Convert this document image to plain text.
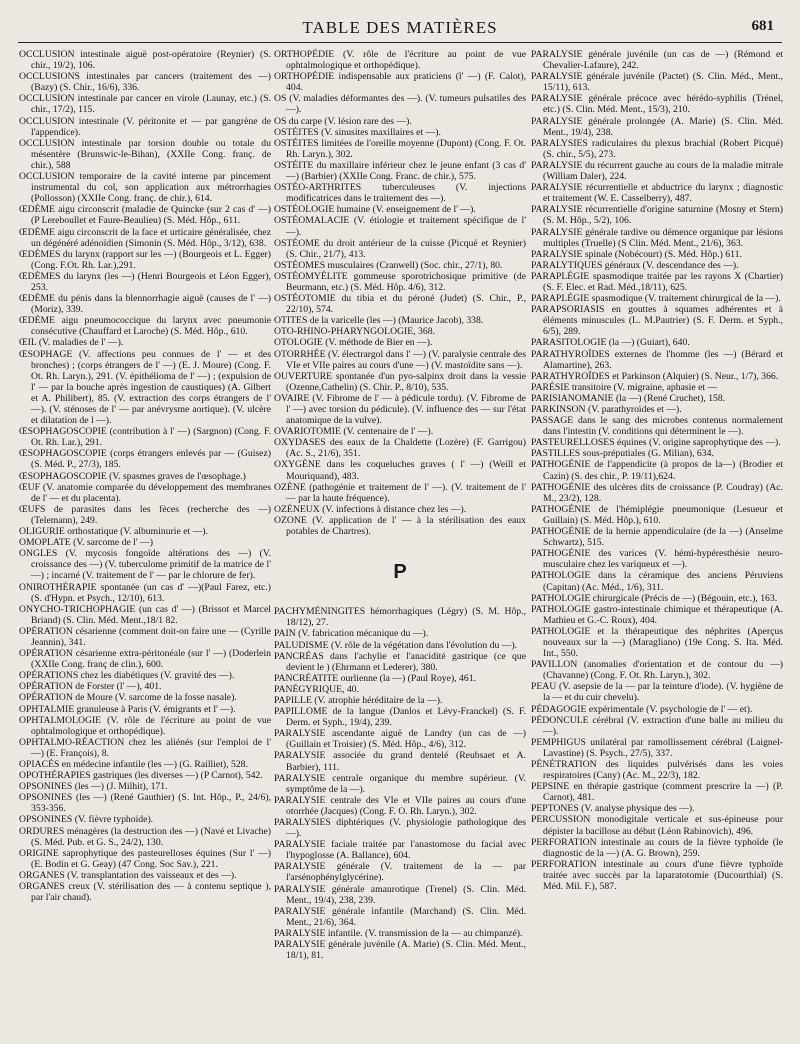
TABLE DES MATIÈRES	681

OCCLUSION intestinale aiguë post-opératoire (Reynier) (S. chir., 19/2), 106.

OCCLUSIONS intestinales par cancers (traitement des —) (Bazy) (S. Chir., 16/6), 336.

OCCLUSION intestinale par cancer en virole (Launay, etc.) (S. chir., 17/2), 115.

OCCLUSION intestinale (V. péritonite et — par gangrène de l'appendice).

OCCLUSION intestinale par torsion double ou totale du mésentère (Brunswic-le-Bihan), (XXIIe Cong. franç. de chir.), 588

OCCLUSION temporaire de la cavité interne par pincement instrumental du col, son application aux métrorrhagies (Pollosson) (XXIIe Cong. franç. de chir.), 614.

ŒDÈME aigu circonscrit (maladie de Quincke (sur 2 cas d' —) (P Lereboullet et Faure-Beaulieu) (S. Méd. Hôp., 611.

ŒDÈME aigu circonscrit de la face et urticaire généralisée, chez un dégénéré adénoïdien (Simonin (S. Méd. Hôp., 3/12), 638.

ŒDÈMES du larynx (rapport sur les —) (Bourgeois et L. Egger)(Cong. F.Ot. Rh. Lar.),291.

ŒDÈMES du larynx (les —) (Henri Bourgeois et Léon Egger), 253.

ŒDÈME du pénis dans la blennorrhagie aiguë (causes de l' —) (Moriz), 339.

ŒDÈME aigu pneumococcique du larynx avec pneumonie consécutive (Chauffard et Laroche) (S. Méd. Hôp., 610.

ŒIL (V. maladies de l' —).

ŒSOPHAGE (V. affections peu connues de l' — et des bronches) ; (corps étrangers de l' —) (E. J. Moure) (Cong. F. Ot. Rh. Laryn.), 291. (V. épithélioma de l' —) ; (expulsion de l' — par la bouche après ingestion de caustiques) (A. Gilbert et A. Philibert), 85. (V. extraction des corps étrangers de l' —). (V. sténoses de l' — par anévrysme aortique). (V. ulcère et dilatation de l —).

ŒSOPHAGOSCOPIE (contribution à l' —) (Sargnon) (Cong. F. Ot. Rh. Lar.), 291.

ŒSOPHAGOSCOPIE (corps étrangers enlevés par — (Guisez) (S. Méd. P., 27/3), 185.

ŒSOPHAGOSCOPIE (V. spasmes graves de l'œsophage.)

ŒUF (V. anatomie comparée du développement des membranes de l' — et du placenta).

ŒUFS de parasites dans les fèces (recherche des —) (Telemann), 249.

OLIGURIE orthostatique (V. albuminurie et —).

OMOPLATE (V. sarcome de l' —)

ONGLES (V. mycosis fongoïde altérations des —) (V. croissance des —) (V. tuberculome primitif de la matrice de l' —) ; incarné (V. traitement de l' — par le chlorure de fer).

ONIROTHÉRAPIE spontanée (un cas d' —)(Paul Farez, etc.) (S. d'Hypn. et Psych., 12/10), 613.

ONYCHO-TRICHOPHAGIE (un cas d' —) (Brissot et Marcel Briand) (S. Clin. Méd. Ment.,18/1 82.

OPÉRATION césarienne (comment doit-on faire une — (Cyrille Jeannin), 341.

OPÉRATION césarienne extra-péritonéale (sur l' —) (Doderlein (XXIIe Cong. franç de clin.), 600.

OPÉRATIONS chez les diabétiques (V. gravité des —).

OPÉRATION de Forster (l' —), 401.

OPÉRATION de Moure (V. sarcome de la fosse nasale).

OPHTALMIE granuleuse à Paris (V. émigrants et l' —).

OPHTALMOLOGIE (V. rôle de l'écriture au point de vue ophtalmologique et orthopédique).

OPHTALMO-RÉACTION chez les aliénés (sur l'emploi de l' —) (E. François), 8.

OPIACÉS en médecine infantile (les —) (G. Railliet), 528.

OPOTHÉRAPIES gastriques (les diverses —) (P Carnot), 542.

OPSONINES (les —) (J. Milhit), 171.

OPSONINES (les —) (René Gauthier) (S. Int. Hôp., P., 24/6), 353-356.

OPSONINES (V. fièvre typhoïde).

ORDURES ménagères (la destruction des —) (Navé et Livache) (S. Méd. Pub. et G. S., 24/2), 130.

ORIGINE saprophytique des pasteurelloses équines (Sur l' —) (E. Bodin et G. Geay) (47 Cong. Soc Sav.), 221.

ORGANES (V. transplantation des vaisseaux et des —).

ORGANES creux (V. stérilisation des — à contenu septique ), par l'air chaud).

ORTHOPÉDIE (V. rôle de l'écriture au point de vue ophtalmologique et orthopédique).

ORTHOPÉDIE indispensable aux praticiens (l' —) (F. Calot), 404.

OS (V. maladies déformantes des —). (V. tumeurs pulsatiles des —).

OS du carpe (V. lésion rare des —).

OSTÉITES (V. sinusites maxillaires et —).

OSTÉITES limitées de l'oreille moyenne (Dupont) (Cong. F. Ot. Rh. Laryn.), 302.

OSTÉITE du maxillaire inférieur chez le jeune enfant (3 cas d' —) (Barbier) (XXIIe Cong. Franc. de chir.), 575.

OSTÉO-ARTHRITES tuberculeuses (V. injections modificatrices dans le traitement des —).

OSTÉOLOGIE humaine (V. enseignement de l' —).

OSTÉOMALACIE (V. étiologie et traitement spécifique de l' —).

OSTÉOME du droit antérieur de la cuisse (Picqué et Reynier) (S. Chir., 21/7), 413.

OSTÉOMES musculaires (Cranwell) (Soc. chir., 27/1), 80.

OSTÉOMYÉLITE gommeuse sporotrichosique primitive (de Beurmann, etc.) (S. Méd. Hôp. 4/6), 312.

OSTÉOTOMIE du tibia et du péroné (Judet) (S. Chir., P., 22/10), 574.

OTITES de la varicelle (les —) (Maurice Jacob), 338.

OTO-RHINO-PHARYNGOLOGIE, 368.

OTOLOGIE (V. méthode de Bier en —).

OTORRHÉE (V. électrargol dans l' —) (V. paralysie centrale des VIe et VIIe paires au cours d'une —) (V. mastoïdite sans —).

OUVERTURE spontanée d'un pyo-salpinx droit dans la vessie (Ozenne,Cathelin) (S. Chir. P., 8/10), 535.

OVAIRE (V. Fibrome de l' — à pédicule tordu). (V. Fibrome de l' —) avec torsion du pédicule). (V. influence des — sur l'état anatomique de la vulve).

OVARIOTOMIE (V. centenaire de l' —).

OXYDASES des eaux de la Chaldette (Lozère) (F. Garrigou) (Ac. S., 21/6), 351.

OXYGÈNE dans les coqueluches graves ( l' —) (Weill et Mouriquand), 483.

OZÈNE (pathogénie et traitement de l' —). (V. traitement de l' — par la haute fréquence).

OZÉNEUX (V. infections à distance chez les —).

OZONE (V. application de l' — à la stérilisation des eaux potables de Chartres).

P

PACHYMÉNINGITES hémorrhagiques (Légry) (S. M. Hôp., 18/12), 27.

PAIN (V. fabrication mécanique du —).

PALUDISME (V. rôle de la végétation dans l'évolution du —).

PANCRÉAS dans l'achylie et l'anacidité gastrique (ce que devient le ) (Ehrmann et Lederer), 380.

PANCRÉATITE ourlienne (la —) (Paul Roye), 461.

PANÉGYRIQUE, 40.

PAPILLE (V. atrophie héréditaire de la —).

PAPILLOME de la langue (Danlos et Lévy-Franckel) (S. F. Derm. et Syph., 19/4), 239.

PARALYSIE ascendante aiguë de Landry (un cas de —) (Guillain et Troisier) (S. Méd. Hôp., 4/6), 312.

PARALYSIE associée du grand dentelé (Reubsaet et A. Barbier), 111.

PARALYSIE centrale organique du membre supérieur. (V. symptôme de la —).

PARALYSIE centrale des VIe et VIIe paires au cours d'une otorrhée (Jacques) (Cong. F. O. Rh. Laryn.), 302.

PARALYSIES diphtériques (V. physiologie pathologique des —).

PARALYSIE faciale traitée par l'anastomose du facial avec l'hypoglosse (A. Ballance), 604.

PARALYSIE générale (V. traitement de la — par l'arsénophénylglycérine).

PARALYSIE générale amaurotique (Trenel) (S. Clin. Méd. Ment., 19/4), 238, 239.

PARALYSIE générale infantile (Marchand) (S. Clin. Méd. Ment., 21/6), 364.

PARALYSIE infantile. (V. transmission de la — au chimpanzé).

PARALYSIE générale juvénile (A. Marie) (S. Clin. Méd. Ment., 18/1), 81.

PARALYSIE générale juvénile (un cas de —) (Rémond et Chevalier-Lafaure), 242.

PARALYSIE générale juvénile (Pactet) (S. Clin. Méd., Ment., 15/11), 613.

PARALYSIE générale précoce avec hérédo-syphilis (Trénel, etc.) (S. Clin. Méd. Ment., 15/3), 210.

PARALYSIE générale prolongée (A. Marie) (S. Clin. Méd. Ment., 19/4), 238.

PARALYSIES radiculaires du plexus brachial (Robert Picqué) (S. chir., 5/5), 273.

PARALYSIE du récurrent gauche au cours de la maladie mitrale (William Daler), 224.

PARALYSIE récurrentielle et abductrice du larynx ; diagnostic et traitement (W. E. Casselberry), 487.

PARALYSIE récurrentielle d'origine saturnine (Mosny et Stern) (S. M. Hôp., 5/2), 106.

PARALYSIE générale tardive ou démence organique par lésions multiples (Truelle) (S Clin. Méd. Ment., 21/6), 363.

PARALYSIE spinale (Nobécourt) (S. Méd. Hôp.) 611.

PARALYTIQUES généraux (V. descendance des —).

PARAPLÉGIE spasmodique traitée par les rayons X (Chartier) (S. F. Elec. et Rad. Méd.,18/11), 625.

PARAPLÉGIE spasmodique (V. traitement chirurgical de la —).

PARAPSORIASIS en gouttes à squames adhérentes et à éléments minuscules (L. M.Pautrier) (S. F. Derm. et Syph., 6/5), 289.

PARASITOLOGIE (la —) (Guiart), 640.

PARATHYROÏDES externes de l'homme (les —) (Bérard et Alamartine), 263.

PARATHYROÏDES et Parkinson (Alquier) (S. Neur., 1/7), 366.

PARÉSIE transitoire (V. migraine, aphasie et —

PARISIANOMANIE (la —) (René Cruchet), 158.

PARKINSON (V. parathyroïdes et —).

PASSAGE dans le sang des microbes contenus normalement dans l'intestin (V. conditions qui déterminent le —).

PASTEURELLOSES équines (V. origine saprophytique des —).

PASTILLES sous-préputiales (G. Milian), 634.

PATHOGÉNIE de l'appendicite (à propos de la—) (Brodier et Cazin) (S. des chir., P. 19/11),624.

PATHOGÉNIE des ulcères dits de croissance (P. Coudray) (Ac. M., 23/2), 128.

PATHOGÉNIE de l'hémiplégie pneumonique (Lesueur et Guillain) (S. Méd. Hôp.), 610.

PATHOGÉNIE de la hernie appendiculaire (de la —) (Anselme Schwartz), 515.

PATHOGÉNIE des varices (V. hémi-hypéresthésie neuro-musculaire chez les variqueux et —).

PATHOLOGIE dans la céramique des anciens Péruviens (Capitan) (Ac. Méd., 1/6), 311.

PATHOLOGIE chirurgicale (Précis de —) (Bégouin, etc.), 163.

PATHOLOGIE gastro-intestinale chimique et thérapeutique (A. Mathieu et G.-C. Roux), 404.

PATHOLOGIE et la thérapeutique des néphrites (Aperçus nouveaux sur la —) (Maragliano) (19e Cong. S. Ita. Méd. Int., 550.

PAVILLON (anomalies d'orientation et de contour du —) (Chavanne) (Cong. F. Ot. Rh. Laryn.), 302.

PEAU (V. asepsie de la — par la teinture d'iode). (V. hygiène de la — et du cuir chevelu).

PÉDAGOGIE expérimentale (V. psychologie de l' — et).

PÉDONCULE cérébral (V. extraction d'une balle au milieu du —).

PEMPHIGUS unilatéral par ramollissement cérébral (Laignel-Lavastine) (S. Psych., 27/5), 337.

PÉNÉTRATION des liquides pulvérisés dans les voies respiratoires (Cany) (Ac. M., 22/3), 182.

PEPSINE en thérapie gastrique (comment prescrire la —) (P. Carnot), 481.

PEPTONES (V. analyse physique des —).

PERCUSSION monodigitale verticale et sus-épineuse pour dépister la bacillose au début (Léon Rabinovich), 496.

PERFORATION intestinale au cours de la fièvre typhoïde (le diagnostic de la —) (A. G. Brown), 259.

PERFORATION intestinale au cours d'une fièvre typhoïde traitée avec succès par la laparatotomie (Ducourthial) (S. Méd. Mil. F.), 587.
